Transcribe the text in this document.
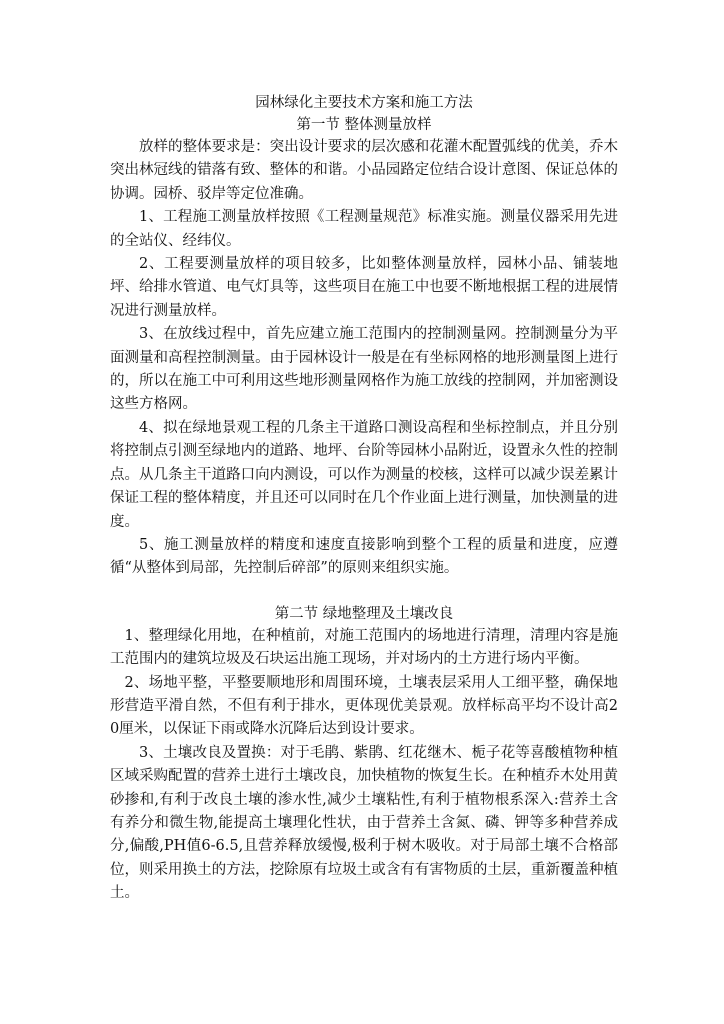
园林绿化主要技术方案和施工方法
第一节 整体测量放样

放样的整体要求是：突出设计要求的层次感和花灌木配置弧线的优美，乔木突出林冠线的错落有致、整体的和谐。小品园路定位结合设计意图、保证总体的协调。园桥、驳岸等定位准确。

1、工程施工测量放样按照《工程测量规范》标准实施。测量仪器采用先进的全站仪、经纬仪。

2、工程要测量放样的项目较多，比如整体测量放样，园林小品、铺装地坪、给排水管道、电气灯具等，这些项目在施工中也要不断地根据工程的进展情况进行测量放样。

3、在放线过程中，首先应建立施工范围内的控制测量网。控制测量分为平面测量和高程控制测量。由于园林设计一般是在有坐标网格的地形测量图上进行的，所以在施工中可利用这些地形测量网格作为施工放线的控制网，并加密测设这些方格网。

4、拟在绿地景观工程的几条主干道路口测设高程和坐标控制点，并且分别将控制点引测至绿地内的道路、地坪、台阶等园林小品附近，设置永久性的控制点。从几条主干道路口向内测设，可以作为测量的校核，这样可以减少误差累计保证工程的整体精度，并且还可以同时在几个作业面上进行测量，加快测量的进度。

5、施工测量放样的精度和速度直接影响到整个工程的质量和进度，应遵循“从整体到局部，先控制后碎部”的原则来组织实施。

第二节 绿地整理及土壤改良

1、整理绿化用地，在种植前，对施工范围内的场地进行清理，清理内容是施工范围内的建筑垃圾及石块运出施工现场，并对场内的土方进行场内平衡。

2、场地平整，平整要顺地形和周围环境，土壤表层采用人工细平整，确保地形营造平滑自然，不但有利于排水，更体现优美景观。放样标高平均不设计高20厘米，以保证下雨或降水沉降后达到设计要求。

3、土壤改良及置换：对于毛鹃、紫鹃、红花继木、栀子花等喜酸植物种植区域采购配置的营养土进行土壤改良，加快植物的恢复生长。在种植乔木处用黄砂掺和,有利于改良土壤的渗水性,减少土壤粘性,有利于植物根系深入:营养土含有养分和微生物,能提高土壤理化性状，由于营养土含氮、磷、钾等多种营养成分,偏酸,PH值6-6.5,且营养释放缓慢,极利于树木吸收。对于局部土壤不合格部位，则采用换土的方法，挖除原有垃圾土或含有有害物质的土层，重新覆盖种植土。
